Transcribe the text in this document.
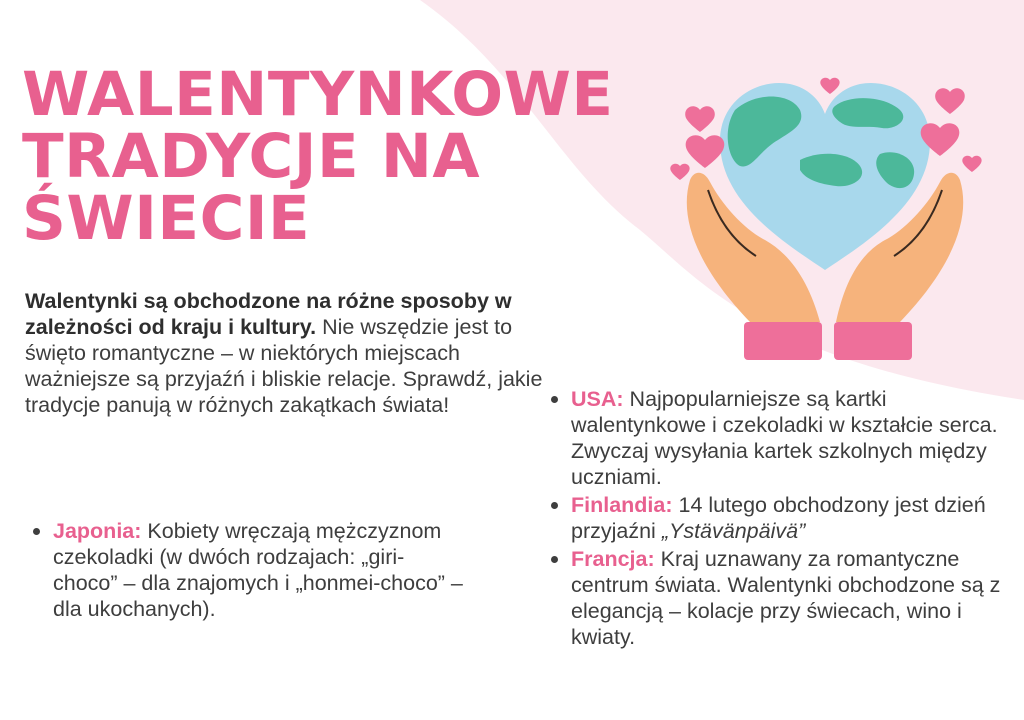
WALENTYNKOWE
TRADYCJE NA
ŚWIECIE
Walentynki są obchodzone na różne sposoby w zależności od kraju i kultury. Nie wszędzie jest to święto romantyczne – w niektórych miejscach ważniejsze są przyjaźń i bliskie relacje. Sprawdź, jakie tradycje panują w różnych zakątkach świata!
Japonia: Kobiety wręczają mężczyznom czekoladki (w dwóch rodzajach: „giri-choco” – dla znajomych i „honmei-choco” – dla ukochanych).
USA: Najpopularniejsze są kartki walentynkowe i czekoladki w kształcie serca. Zwyczaj wysyłania kartek szkolnych między uczniami.
Finlandia: 14 lutego obchodzony jest dzień przyjaźni „Ystävänpäivä”
Francja: Kraj uznawany za romantyczne centrum świata. Walentynki obchodzone są z elegancją – kolacje przy świecach, wino i kwiaty.
